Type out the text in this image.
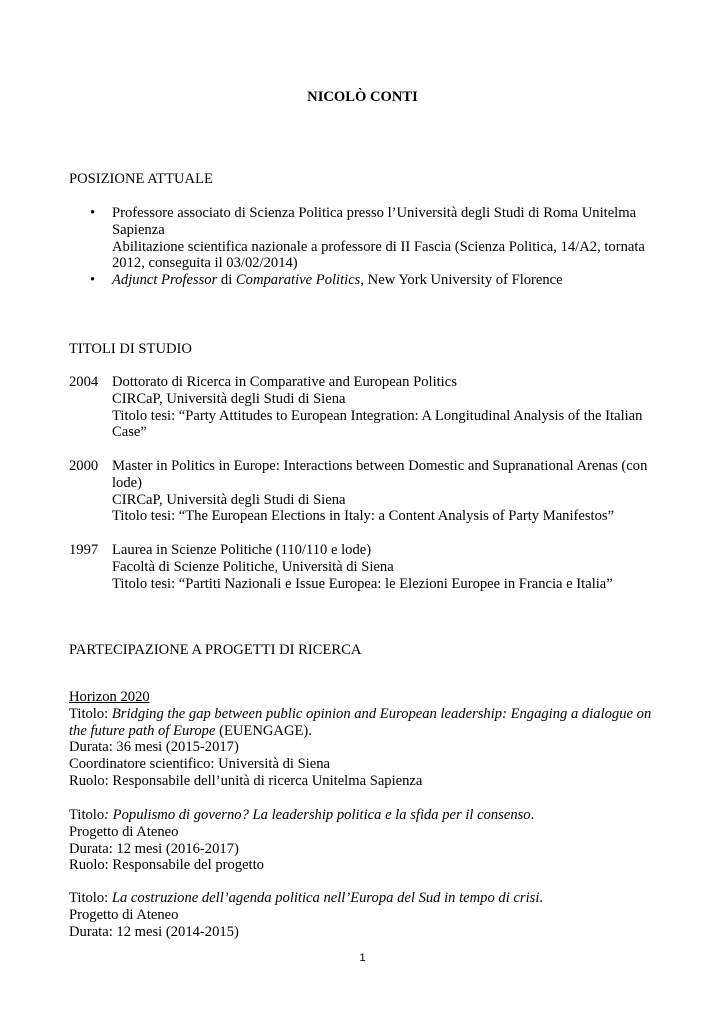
NICOLÒ CONTI
POSIZIONE ATTUALE
• Professore associato di Scienza Politica presso l’Università degli Studi di Roma Unitelma
Sapienza
Abilitazione scientifica nazionale a professore di II Fascia (Scienza Politica, 14/A2, tornata
2012, conseguita il 03/02/2014)
• Adjunct Professor di Comparative Politics, New York University of Florence
TITOLI DI STUDIO
2004 Dottorato di Ricerca in Comparative and European Politics
CIRCaP, Università degli Studi di Siena
Titolo tesi: “Party Attitudes to European Integration: A Longitudinal Analysis of the Italian
Case”
2000 Master in Politics in Europe: Interactions between Domestic and Supranational Arenas (con
lode)
CIRCaP, Università degli Studi di Siena
Titolo tesi: “The European Elections in Italy: a Content Analysis of Party Manifestos”
1997 Laurea in Scienze Politiche (110/110 e lode)
Facoltà di Scienze Politiche, Università di Siena
Titolo tesi: “Partiti Nazionali e Issue Europea: le Elezioni Europee in Francia e Italia”
PARTECIPAZIONE A PROGETTI DI RICERCA
Horizon 2020
Titolo: Bridging the gap between public opinion and European leadership: Engaging a dialogue on
the future path of Europe (EUENGAGE).
Durata: 36 mesi (2015-2017)
Coordinatore scientifico: Università di Siena
Ruolo: Responsabile dell’unità di ricerca Unitelma Sapienza
Titolo: Populismo di governo? La leadership politica e la sfida per il consenso.
Progetto di Ateneo
Durata: 12 mesi (2016-2017)
Ruolo: Responsabile del progetto
Titolo: La costruzione dell’agenda politica nell’Europa del Sud in tempo di crisi.
Progetto di Ateneo
Durata: 12 mesi (2014-2015)
1
